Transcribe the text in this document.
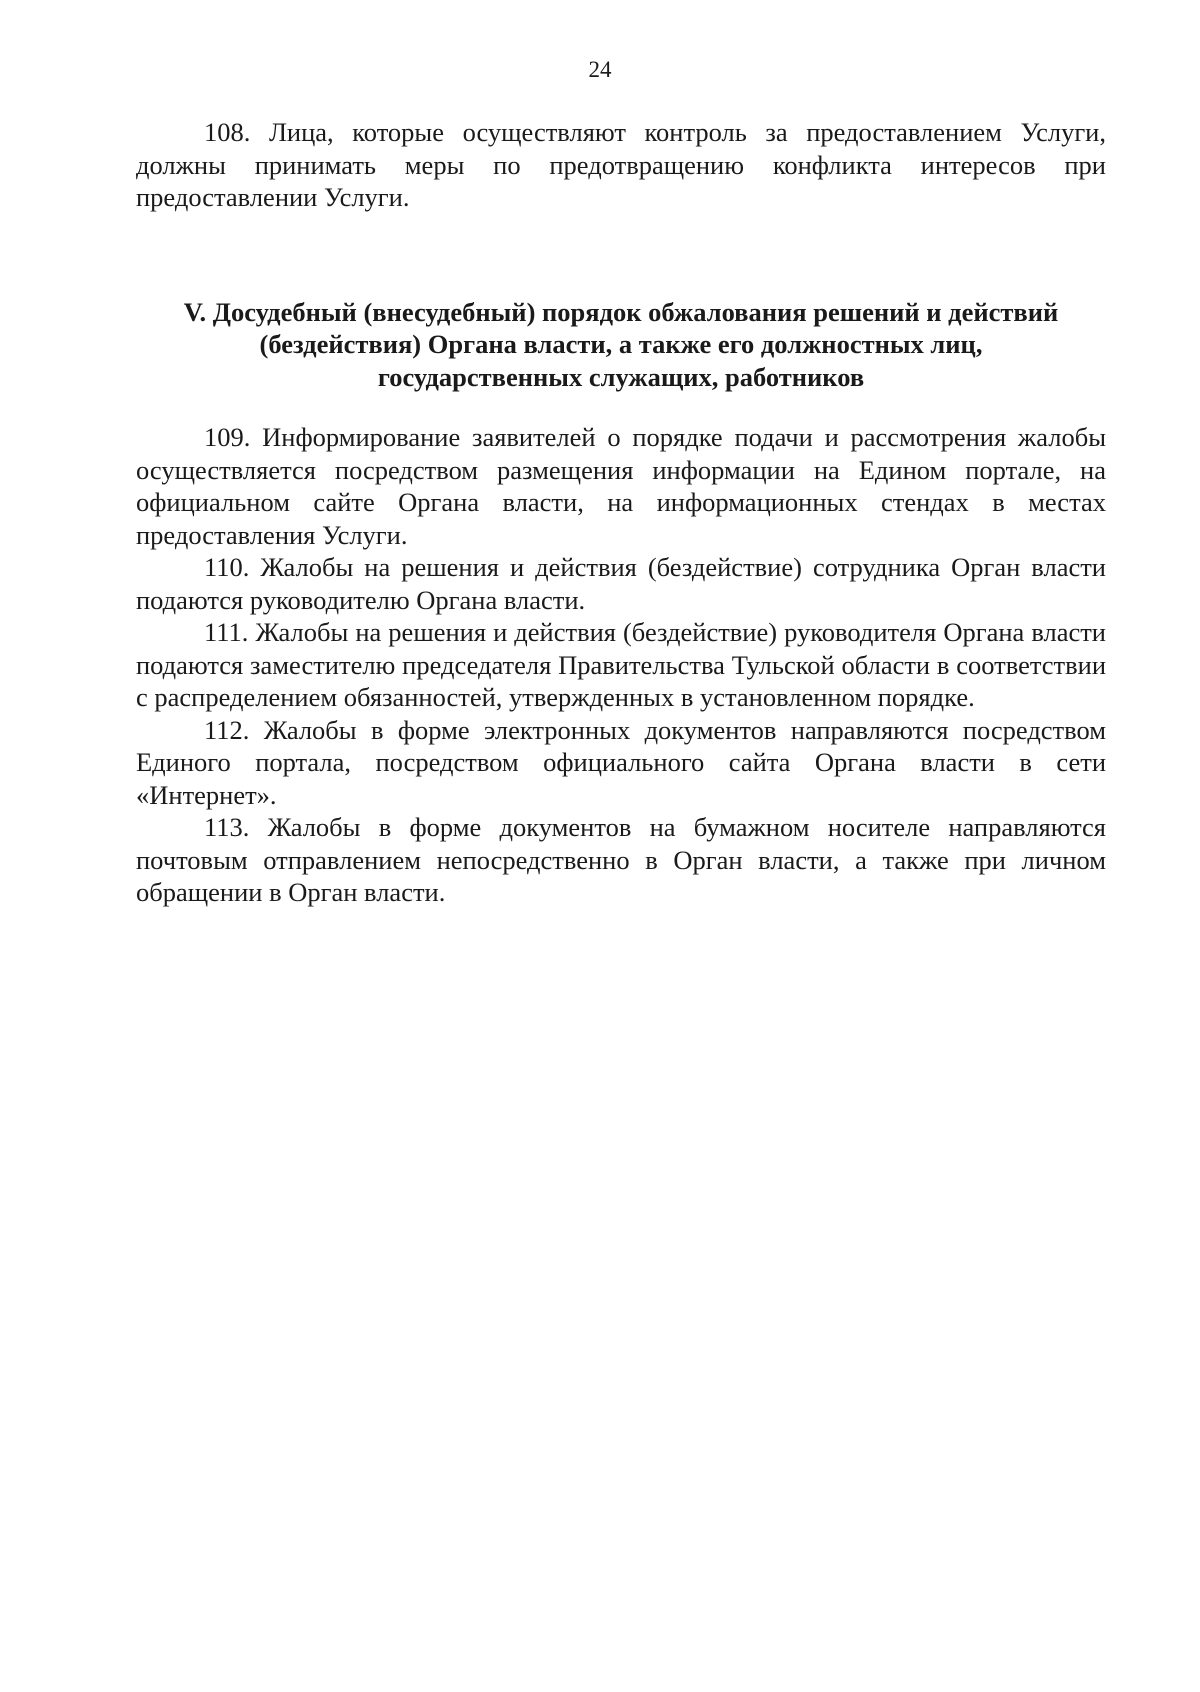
24

108. Лица, которые осуществляют контроль за предоставлением Услуги, должны принимать меры по предотвращению конфликта интересов при предоставлении Услуги.

V. Досудебный (внесудебный) порядок обжалования решений и действий
(бездействия) Органа власти, а также его должностных лиц,
государственных служащих, работников

109. Информирование заявителей о порядке подачи и рассмотрения жалобы осуществляется посредством размещения информации на Едином портале, на официальном сайте Органа власти, на информационных стендах в местах предоставления Услуги.

110. Жалобы на решения и действия (бездействие) сотрудника Орган власти подаются руководителю Органа власти.

111. Жалобы на решения и действия (бездействие) руководителя Органа власти подаются заместителю председателя Правительства Тульской области в соответствии с распределением обязанностей, утвержденных в установленном порядке.

112. Жалобы в форме электронных документов направляются посредством Единого портала, посредством официального сайта Органа власти в сети «Интернет».

113. Жалобы в форме документов на бумажном носителе направляются почтовым отправлением непосредственно в Орган власти, а также при личном обращении в Орган власти.
